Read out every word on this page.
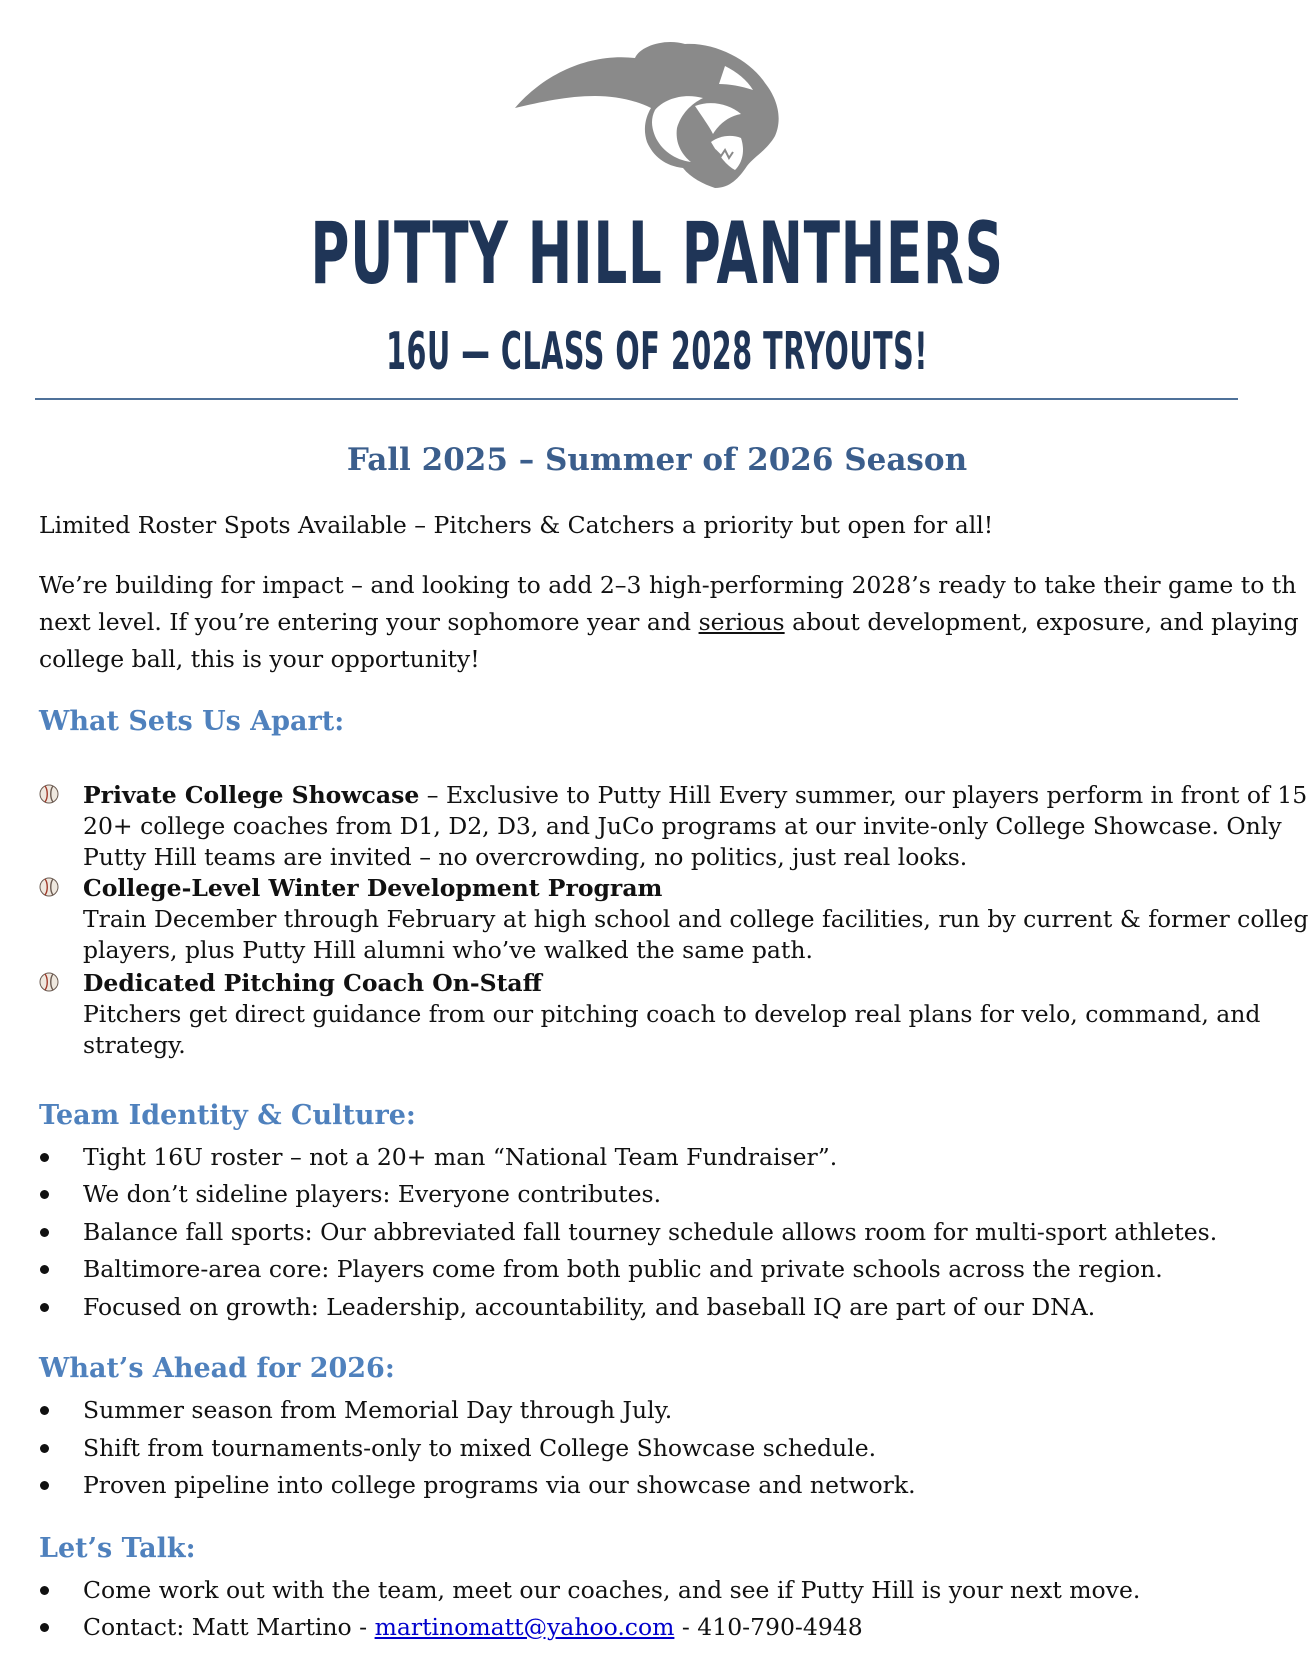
PUTTY HILL PANTHERS
16U — CLASS OF 2028 TRYOUTS!
Fall 2025 – Summer of 2026 Season

Limited Roster Spots Available – Pitchers & Catchers a priority but open for all!

We’re building for impact – and looking to add 2–3 high-performing 2028’s ready to take their game to th

next level. If you’re entering your sophomore year and serious about development, exposure, and playing

college ball, this is your opportunity!

What Sets Us Apart:
Private College Showcase – Exclusive to Putty Hill Every summer, our players perform in front of 15
20+ college coaches from D1, D2, D3, and JuCo programs at our invite-only College Showcase. Only
Putty Hill teams are invited – no overcrowding, no politics, just real looks.
College-Level Winter Development Program
Train December through February at high school and college facilities, run by current & former colleg
players, plus Putty Hill alumni who’ve walked the same path.
Dedicated Pitching Coach On-Staff
Pitchers get direct guidance from our pitching coach to develop real plans for velo, command, and
strategy.
Team Identity & Culture:
Tight 16U roster – not a 20+ man “National Team Fundraiser”.
We don’t sideline players: Everyone contributes.
Balance fall sports: Our abbreviated fall tourney schedule allows room for multi-sport athletes.
Baltimore-area core: Players come from both public and private schools across the region.
Focused on growth: Leadership, accountability, and baseball IQ are part of our DNA.
What’s Ahead for 2026:
Summer season from Memorial Day through July.
Shift from tournaments-only to mixed College Showcase schedule.
Proven pipeline into college programs via our showcase and network.
Let’s Talk:
Come work out with the team, meet our coaches, and see if Putty Hill is your next move.
Contact: Matt Martino - martinomatt@yahoo.com - 410-790-4948
